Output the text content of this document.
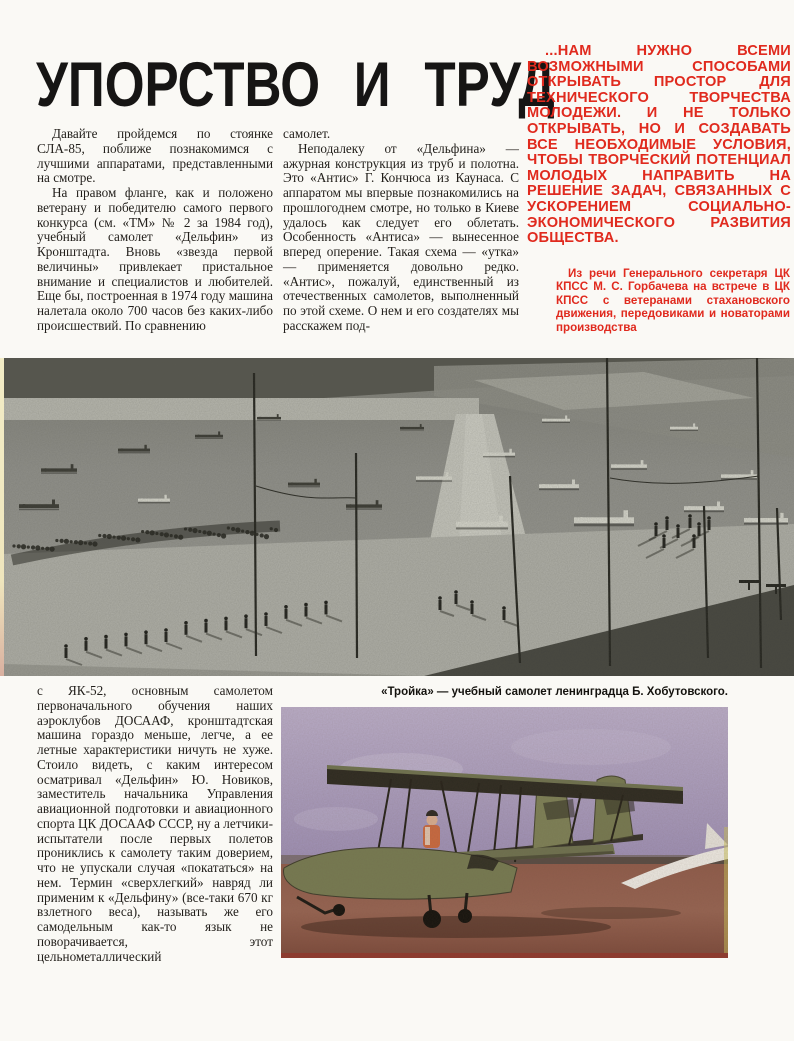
УПОРСТВО И ТРУД
...НАМ НУЖНО ВСЕМИ ВОЗМОЖНЫМИ СПОСОБАМИ ОТКРЫВАТЬ ПРОСТОР ДЛЯ ТЕХНИЧЕСКОГО ТВОРЧЕСТВА МОЛОДЕЖИ. И НЕ ТОЛЬКО ОТКРЫВАТЬ, НО И СОЗДАВАТЬ ВСЕ НЕОБХОДИМЫЕ УСЛОВИЯ, ЧТОБЫ ТВОРЧЕСКИЙ ПОТЕНЦИАЛ МОЛОДЫХ НАПРАВИТЬ НА РЕШЕНИЕ ЗАДАЧ, СВЯЗАННЫХ С УСКОРЕНИЕМ СОЦИАЛЬНО-ЭКОНОМИЧЕСКОГО РАЗВИТИЯ ОБЩЕСТВА.
Из речи Генерального секретаря ЦК КПСС М. С. Горбачева на встрече в ЦК КПСС с ветеранами стахановского движения, передовиками и новаторами производства

Давайте пройдемся по стоянке СЛА-85, поближе познакомимся с лучшими аппаратами, представленными на смотре.

На правом фланге, как и положено ветерану и победителю самого первого конкурса (см. «ТМ» № 2 за 1984 год), учебный самолет «Дельфин» из Кронштадта. Вновь «звезда первой величины» привлекает пристальное внимание и специалистов и любителей. Еще бы, построенная в 1974 году машина налетала около 700 часов без каких-либо происшествий. По сравнению

самолет.

Неподалеку от «Дельфина» — ажурная конструкция из труб и полотна. Это «Антис» Г. Кончюса из Каунаса. С аппаратом мы впервые познакомились на прошлогоднем смотре, но только в Киеве удалось как следует его облетать. Особенность «Антиса» — вынесенное вперед оперение. Такая схема — «утка» — применяется довольно редко. «Антис», пожалуй, единственный из отечественных самолетов, выполненный по этой схеме. О нем и его создателях мы расскажем под-

«Тройка» — учебный самолет ленинградца Б. Хобутовского.

с ЯК-52, основным самолетом первоначального обучения наших аэроклубов ДОСААФ, кронштадтская машина гораздо меньше, легче, а ее летные характеристики ничуть не хуже. Стоило видеть, с каким интересом осматривал «Дельфин» Ю. Новиков, заместитель начальника Управления авиационной подготовки и авиационного спорта ЦК ДОСААФ СССР, ну а летчики-испытатели после первых полетов прониклись к самолету таким доверием, что не упускали случая «покататься» на нем. Термин «сверхлегкий» навряд ли применим к «Дельфину» (все-таки 670 кг взлетного веса), называть же его самодельным как-то язык не поворачивается, этот цельнометаллический
